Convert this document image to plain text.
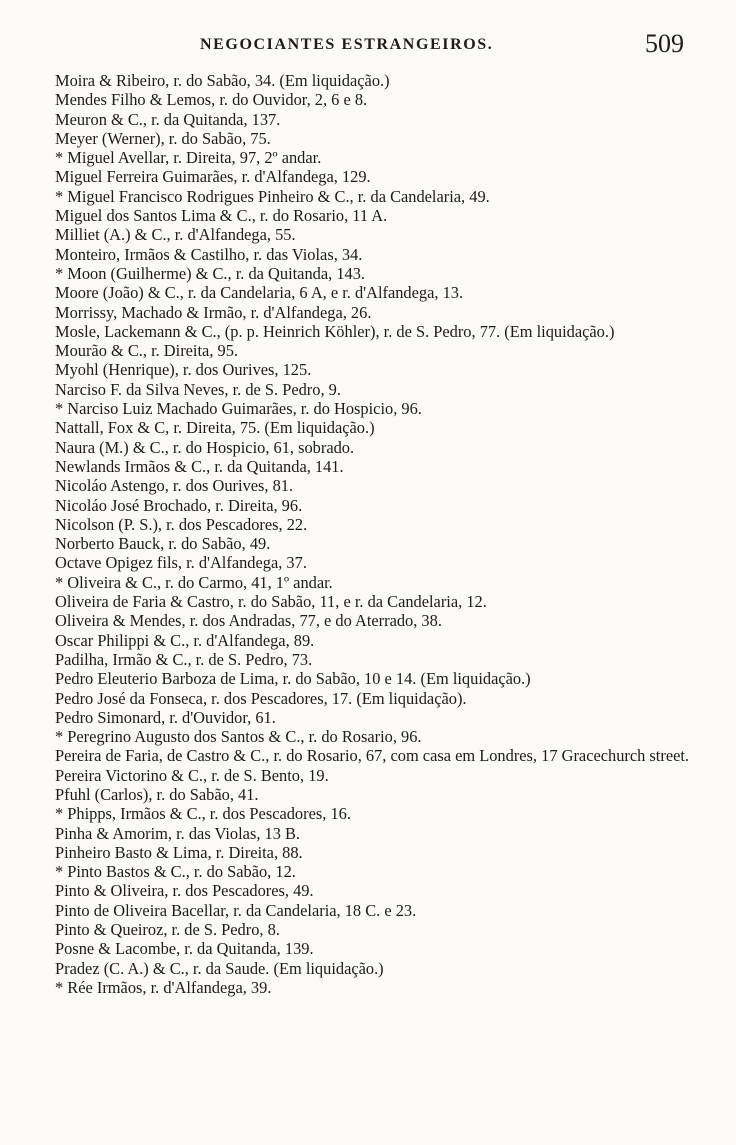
NEGOCIANTES ESTRANGEIROS.	509
Moira & Ribeiro, r. do Sabão, 34. (Em liquidação.)
Mendes Filho & Lemos, r. do Ouvidor, 2, 6 e 8.
Meuron & C., r. da Quitanda, 137.
Meyer (Werner), r. do Sabão, 75.
* Miguel Avellar, r. Direita, 97, 2º andar.
Miguel Ferreira Guimarães, r. d'Alfandega, 129.
* Miguel Francisco Rodrigues Pinheiro & C., r. da Candelaria, 49.
Miguel dos Santos Lima & C., r. do Rosario, 11 A.
Milliet (A.) & C., r. d'Alfandega, 55.
Monteiro, Irmãos & Castilho, r. das Violas, 34.
* Moon (Guilherme) & C., r. da Quitanda, 143.
Moore (João) & C., r. da Candelaria, 6 A, e r. d'Alfandega, 13.
Morrissy, Machado & Irmão, r. d'Alfandega, 26.
Mosle, Lackemann & C., (p. p. Heinrich Köhler), r. de S. Pedro, 77. (Em liquidação.)
Mourão & C., r. Direita, 95.
Myohl (Henrique), r. dos Ourives, 125.
Narciso F. da Silva Neves, r. de S. Pedro, 9.
* Narciso Luiz Machado Guimarães, r. do Hospicio, 96.
Nattall, Fox & C, r. Direita, 75. (Em liquidação.)
Naura (M.) & C., r. do Hospicio, 61, sobrado.
Newlands Irmãos & C., r. da Quitanda, 141.
Nicoláo Astengo, r. dos Ourives, 81.
Nicoláo José Brochado, r. Direita, 96.
Nicolson (P. S.), r. dos Pescadores, 22.
Norberto Bauck, r. do Sabão, 49.
Octave Opigez fils, r. d'Alfandega, 37.
* Oliveira & C., r. do Carmo, 41, 1º andar.
Oliveira de Faria & Castro, r. do Sabão, 11, e r. da Candelaria, 12.
Oliveira & Mendes, r. dos Andradas, 77, e do Aterrado, 38.
Oscar Philippi & C., r. d'Alfandega, 89.
Padilha, Irmão & C., r. de S. Pedro, 73.
Pedro Eleuterio Barboza de Lima, r. do Sabão, 10 e 14. (Em liquidação.)
Pedro José da Fonseca, r. dos Pescadores, 17. (Em liquidação).
Pedro Simonard, r. d'Ouvidor, 61.
* Peregrino Augusto dos Santos & C., r. do Rosario, 96.
Pereira de Faria, de Castro & C., r. do Rosario, 67, com casa em Londres, 17 Gracechurch street.
Pereira Victorino & C., r. de S. Bento, 19.
Pfuhl (Carlos), r. do Sabão, 41.
* Phipps, Irmãos & C., r. dos Pescadores, 16.
Pinha & Amorim, r. das Violas, 13 B.
Pinheiro Basto & Lima, r. Direita, 88.
* Pinto Bastos & C., r. do Sabão, 12.
Pinto & Oliveira, r. dos Pescadores, 49.
Pinto de Oliveira Bacellar, r. da Candelaria, 18 C. e 23.
Pinto & Queiroz, r. de S. Pedro, 8.
Posne & Lacombe, r. da Quitanda, 139.
Pradez (C. A.) & C., r. da Saude. (Em liquidação.)
* Rée Irmãos, r. d'Alfandega, 39.
